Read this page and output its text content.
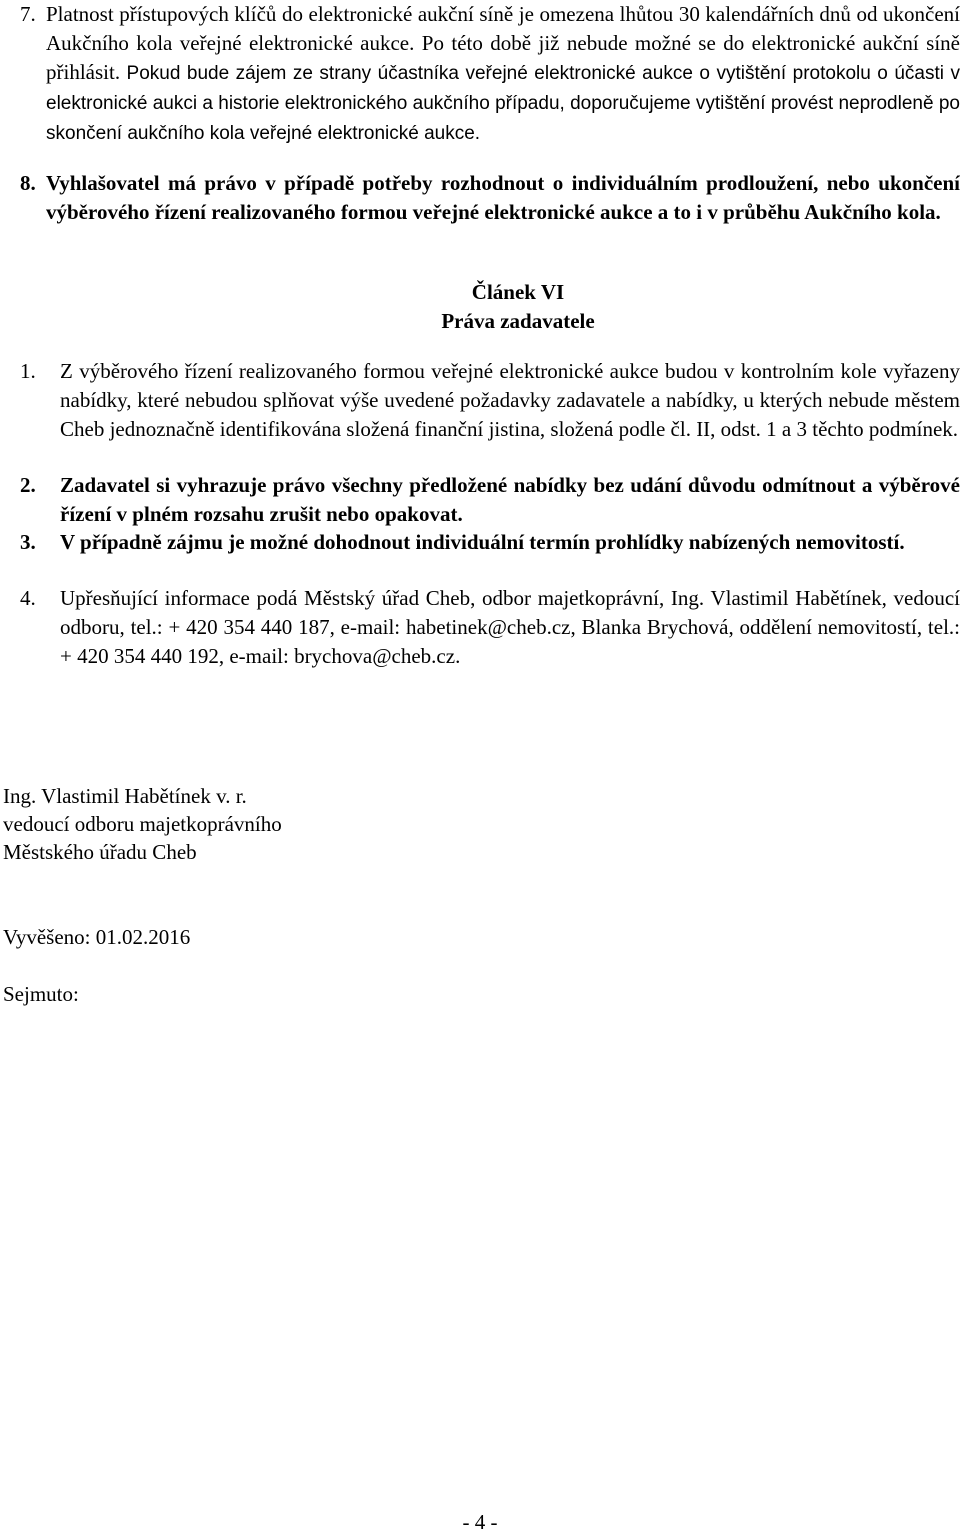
7. Platnost přístupových klíčů do elektronické aukční síně je omezena lhůtou 30 kalendářních dnů od ukončení Aukčního kola veřejné elektronické aukce. Po této době již nebude možné se do elektronické aukční síně přihlásit. Pokud bude zájem ze strany účastníka veřejné elektronické aukce o vytištění protokolu o účasti v elektronické aukci a historie elektronického aukčního případu, doporučujeme vytištění provést neprodleně po skončení aukčního kola veřejné elektronické aukce.
8. Vyhlašovatel má právo v případě potřeby rozhodnout o individuálním prodloužení, nebo ukončení výběrového řízení realizovaného formou veřejné elektronické aukce a to i v průběhu Aukčního kola.
Článek VI
Práva zadavatele
1. Z výběrového řízení realizovaného formou veřejné elektronické aukce budou v kontrolním kole vyřazeny nabídky, které nebudou splňovat výše uvedené požadavky zadavatele a nabídky, u kterých nebude městem Cheb jednoznačně identifikována složená finanční jistina, složená podle čl. II, odst. 1 a 3 těchto podmínek.
2. Zadavatel si vyhrazuje právo všechny předložené nabídky bez udání důvodu odmítnout a výběrové řízení v plném rozsahu zrušit nebo opakovat.
3. V případně zájmu je možné dohodnout individuální termín prohlídky nabízených nemovitostí.
4. Upřesňující informace podá Městský úřad Cheb, odbor majetkoprávní, Ing. Vlastimil Habětínek, vedoucí odboru, tel.: + 420 354 440 187, e-mail: habetinek@cheb.cz, Blanka Brychová, oddělení nemovitostí, tel.: + 420 354 440 192, e-mail: brychova@cheb.cz.
Ing. Vlastimil Habětínek v. r.
vedoucí odboru majetkoprávního
Městského úřadu Cheb
Vyvěšeno: 01.02.2016
Sejmuto:
- 4 -
